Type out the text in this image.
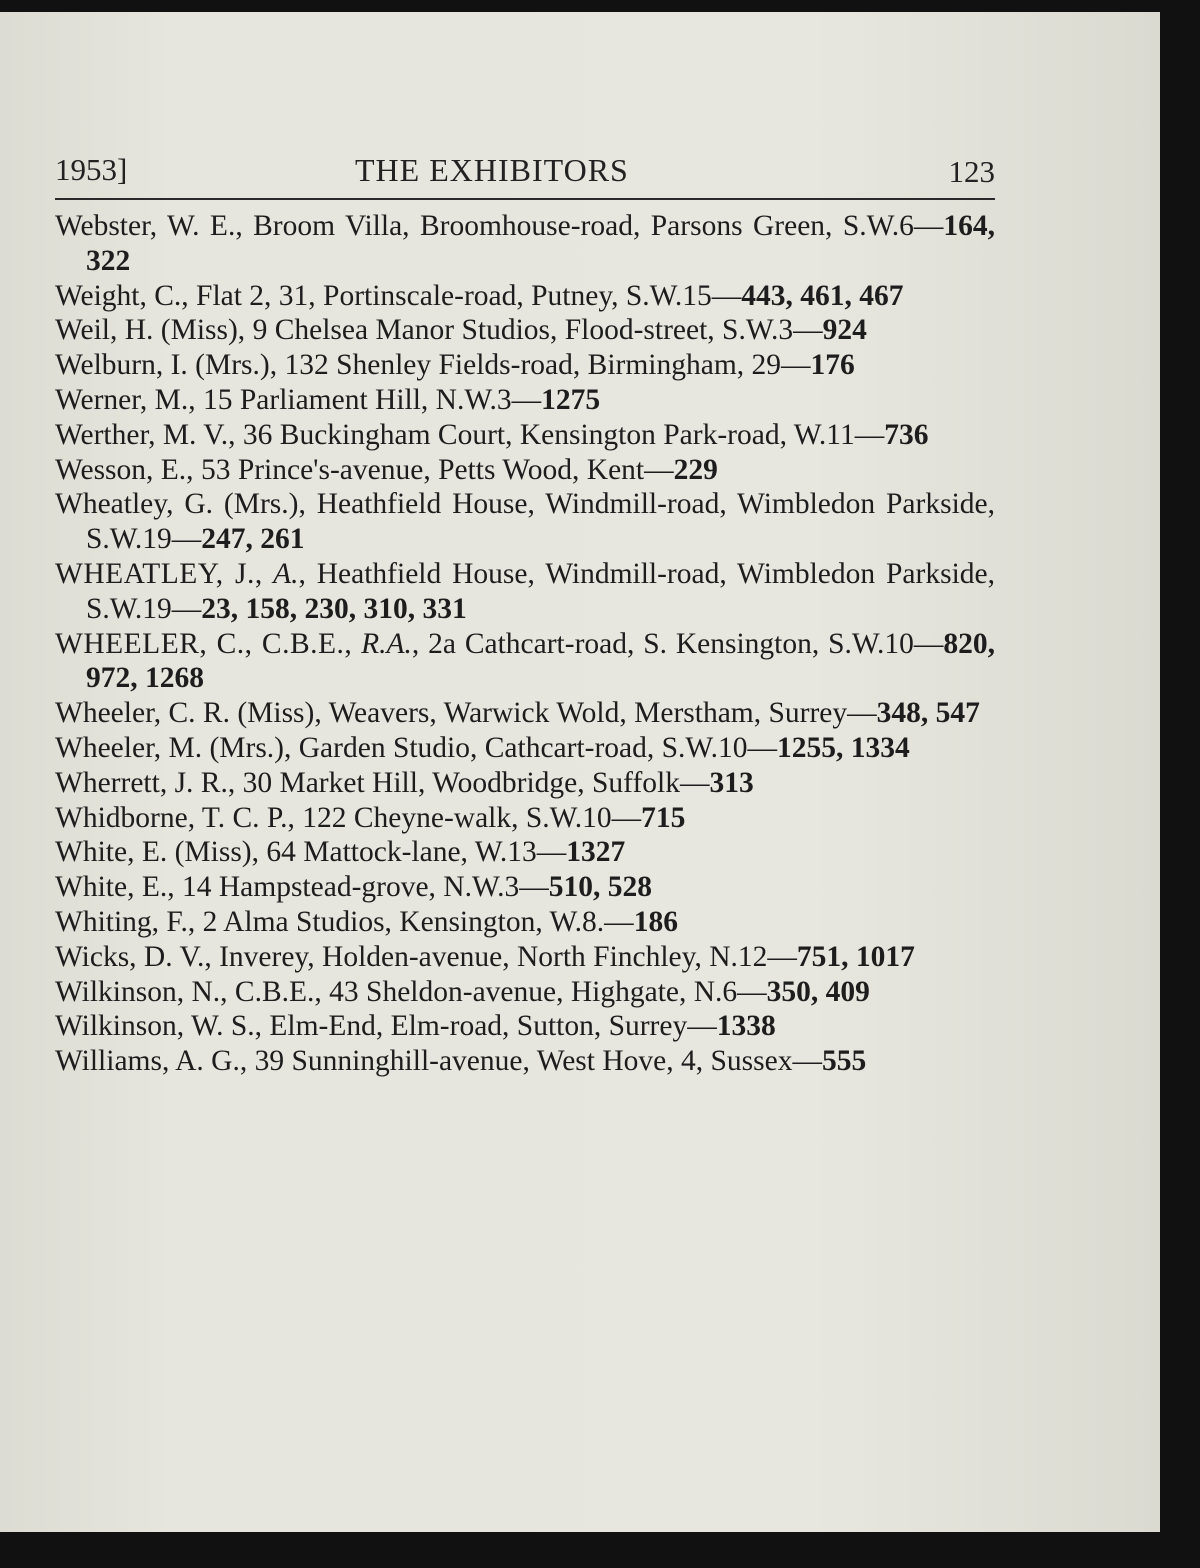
1953]	THE EXHIBITORS	123
Webster, W. E., Broom Villa, Broomhouse-road, Parsons Green, S.W.6—164, 322
Weight, C., Flat 2, 31, Portinscale-road, Putney, S.W.15—443, 461, 467
Weil, H. (Miss), 9 Chelsea Manor Studios, Flood-street, S.W.3—924
Welburn, I. (Mrs.), 132 Shenley Fields-road, Birmingham, 29—176
Werner, M., 15 Parliament Hill, N.W.3—1275
Werther, M. V., 36 Buckingham Court, Kensington Park-road, W.11—736
Wesson, E., 53 Prince's-avenue, Petts Wood, Kent—229
Wheatley, G. (Mrs.), Heathfield House, Windmill-road, Wimbledon Parkside, S.W.19—247, 261
WHEATLEY, J., A., Heathfield House, Windmill-road, Wimbledon Parkside, S.W.19—23, 158, 230, 310, 331
WHEELER, C., C.B.E., R.A., 2a Cathcart-road, S. Kensington, S.W.10—820, 972, 1268
Wheeler, C. R. (Miss), Weavers, Warwick Wold, Merstham, Surrey—348, 547
Wheeler, M. (Mrs.), Garden Studio, Cathcart-road, S.W.10—1255, 1334
Wherrett, J. R., 30 Market Hill, Woodbridge, Suffolk—313
Whidborne, T. C. P., 122 Cheyne-walk, S.W.10—715
White, E. (Miss), 64 Mattock-lane, W.13—1327
White, E., 14 Hampstead-grove, N.W.3—510, 528
Whiting, F., 2 Alma Studios, Kensington, W.8.—186
Wicks, D. V., Inverey, Holden-avenue, North Finchley, N.12—751, 1017
Wilkinson, N., C.B.E., 43 Sheldon-avenue, Highgate, N.6—350, 409
Wilkinson, W. S., Elm-End, Elm-road, Sutton, Surrey—1338
Williams, A. G., 39 Sunninghill-avenue, West Hove, 4, Sussex—555
